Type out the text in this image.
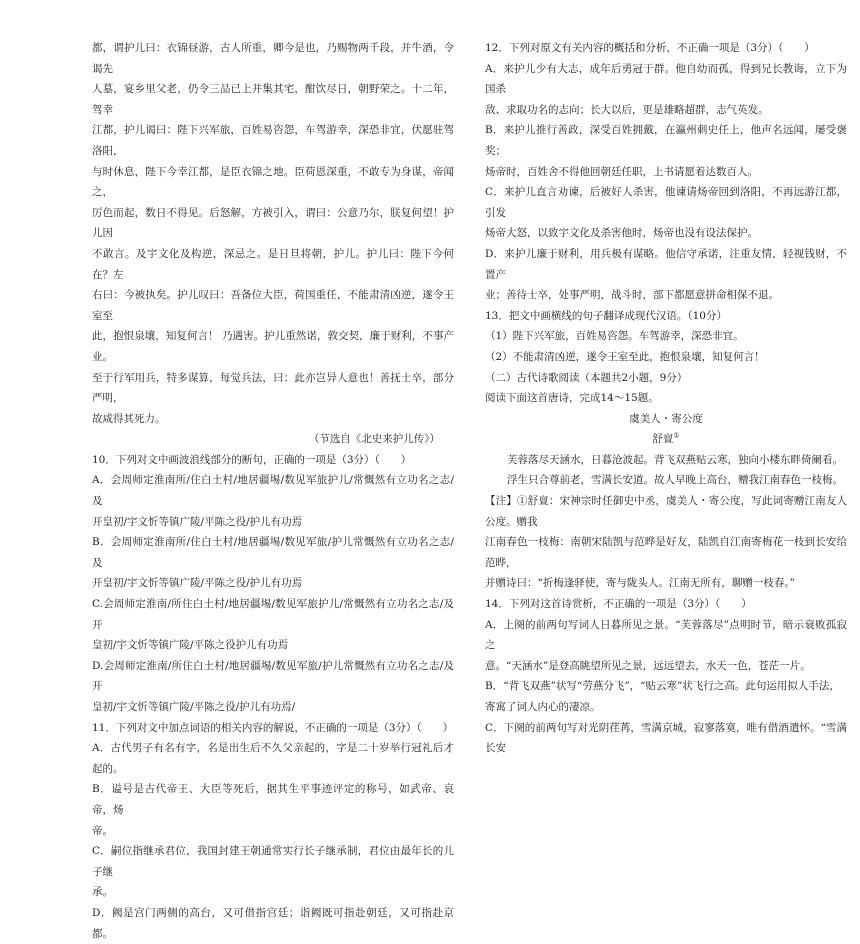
都，谓护儿曰：衣锦昼游，古人所重，卿今是也，乃赐物两千段，并牛酒，令谒先

人墓，宴乡里父老，仍令三品已上并集其宅，酣饮尽日，朝野荣之。十二年，驾幸

江都，护儿谒曰：陛下兴军旅，百姓易咨怨，车驾游幸，深恐非宜，伏愿驻驾洛阳，

与时休息，陛下今幸江都，是臣衣锦之地。臣荷恩深重，不敢专为身谋，帝闻之，

厉色而起，数日不得见。后怒解，方被引入，谓曰：公意乃尔，朕复何望！护儿因

不敢言。及宇文化及构逆，深忌之。是日旦将朝，护儿。护儿曰：陛下今何在？左

右曰：今被执矣。护儿叹曰：吾备位大臣，荷国重任，不能肃清凶逆，遂令王室至

此，抱恨泉壤，知复何言！ 乃遇害。护儿重然诺，敦交契，廉于财利，不事产业。

至于行军用兵，特多谋算，每觉兵法，曰：此亦岂异人意也！善抚士卒，部分严明，

故咸得其死力。

（节选自《北史来护儿传》）

10．下列对文中画波浪线部分的断句，正确的一项是（3分）（　　）

A．会周师定淮南所/住白土村/地居疆埸/数见军旅护儿/常慨然有立功名之志/ 及

开皇初/宇文忻等镇广陵/平陈之役/护儿有功焉

B．会周师定淮南所/住白土村/地居疆埸/数见军旅/护儿常慨然有立功名之志/ 及

开皇初/宇文忻等镇广陵/平陈之役/护儿有功焉

C.会周师定淮南/所住白土村/地居疆埸/数见军旅护儿/常慨然有立功名之志/及开

皇初/宇文忻等镇广陵/平陈之役护儿有功焉

D.会周师定淮南/所住白土村/地居疆埸/数见军旅/护儿常慨然有立功名之志/及开

皇初/宇文忻等镇广陵/平陈之役/护儿有功焉/

11．下列对文中加点词语的相关内容的解说，不正确的一项是（3分）（　　）

A．古代男子有名有字，名是出生后不久父亲起的，字是二十岁举行冠礼后才起的。

B．谥号是古代帝王、大臣等死后，据其生平事迹评定的称号，如武帝、哀帝，炀

帝。

C．嗣位指继承君位，我国封建王朝通常实行长子继承制，君位由最年长的儿子继

承。

D．阙是宫门两侧的高台，又可借指宫廷；诣阙既可指赴朝廷，又可指赴京都。

12．下列对原文有关内容的概括和分析，不正确一项是（3分）（　　）

A．来护儿少有大志，成年后勇冠于群。他自幼而孤，得到兄长教诲，立下为国杀

敌、求取功名的志向；长大以后，更是雄略超群，志气英发。

B．来护儿推行善政，深受百姓拥戴，在瀛州刺史任上，他声名远闻，屡受褒奖；

炀帝时，百姓舍不得他回朝廷任职，上书请愿着达数百人。

C．来护儿直言劝谏，后被好人杀害，他谏请炀帝回到洛阳，不再远游江都，引发

炀帝大怒，以致宇文化及杀害他时，炀帝也没有设法保护。

D．来护儿廉于财利，用兵极有谋略。他信守承诺，注重友情，轻视钱财，不置产

业；善待士卒，处事严明，战斗时，部下都愿意拼命相保不退。

13．把文中画横线的句子翻译成现代汉语。（10分）

（1）陛下兴军旅，百姓易咨怨。车驾游幸，深恐非宜。

（2）不能肃清凶逆，遂令王室至此，抱恨泉壤，知复何言！

（二）古代诗歌阅读（本题共2小题，9分）

阅读下面这首唐诗，完成14～15题。

虞美人・寄公度

舒亶①

芙蓉落尽天涵水，日暮沧波起。背飞双燕贴云寒，独向小楼东畔倚阑看。

浮生只合尊前老，雪满长安道。故人早晚上高台，赠我江南春色一枝梅。

【注】①舒亶：宋神宗时任御史中丞，虞美人・寄公度，写此词寄赠江南友人公度。赠我

江南春色一枝梅：南朝宋陆凯与范晔是好友，陆凯自江南寄梅花一枝到长安给范晔，

并赠诗曰：“折梅逢驿使，寄与陇头人。江南无所有，聊赠一枝春。”

14．下列对这首诗赏析，不正确的一项是（3分）（　　）

A．上阕的前两句写词人日暮所见之景。“芙蓉落尽”点明时节，暗示衰败孤寂之

意。“天涵水”是登高眺望所见之景，远远望去，水天一色，苍茫一片。

B．“背飞双燕”状写“劳燕分飞”，“贴云寒”状飞行之高。此句运用拟人手法，

寄寓了词人内心的凄凉。

C．下阕的前两句写对光阴荏苒，雪满京城，寂寥落寞，唯有借酒遣怀。“雪满长安
